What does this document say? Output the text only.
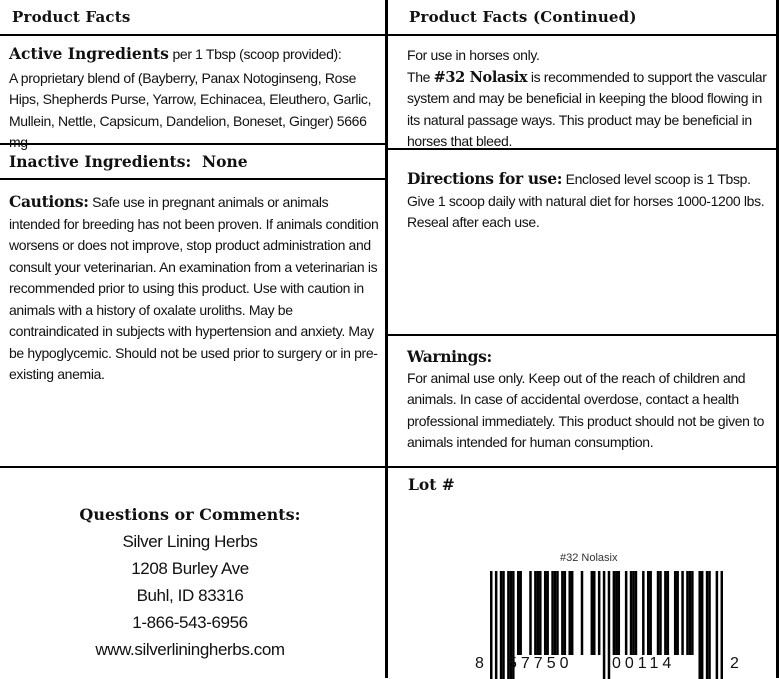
Product Facts	Product Facts (Continued)
Active Ingredients per 1 Tbsp (scoop provided):
A proprietary blend of (Bayberry, Panax Notoginseng, Rose Hips, Shepherds Purse, Yarrow, Echinacea, Eleuthero, Garlic, Mullein, Nettle, Capsicum, Dandelion, Boneset, Ginger) 5666 mg
Inactive Ingredients:  None
Cautions: Safe use in pregnant animals or animals intended for breeding has not been proven. If animals condition worsens or does not improve, stop product administration and consult your veterinarian. An examination from a veterinarian is recommended prior to using this product. Use with caution in animals with a history of oxalate uroliths. May be contraindicated in subjects with hypertension and anxiety. May be hypoglycemic. Should not be used prior to surgery or in pre-existing anemia.
Questions or Comments:
Silver Lining Herbs
1208 Burley Ave
Buhl, ID 83316
1-866-543-6956
www.silverliningherbs.com
For use in horses only.
The #32 Nolasix is recommended to support the vascular system and may be beneficial in keeping the blood flowing in its natural passage ways. This product may be beneficial in horses that bleed.
Directions for use: Enclosed level scoop is 1 Tbsp. Give 1 scoop daily with natural diet for horses 1000-1200 lbs. Reseal after each use.
Warnings:
For animal use only. Keep out of the reach of children and animals. In case of accidental overdose, contact a health professional immediately. This product should not be given to animals intended for human consumption.
Lot #
#32 Nolasix
8 57750 00114	2
